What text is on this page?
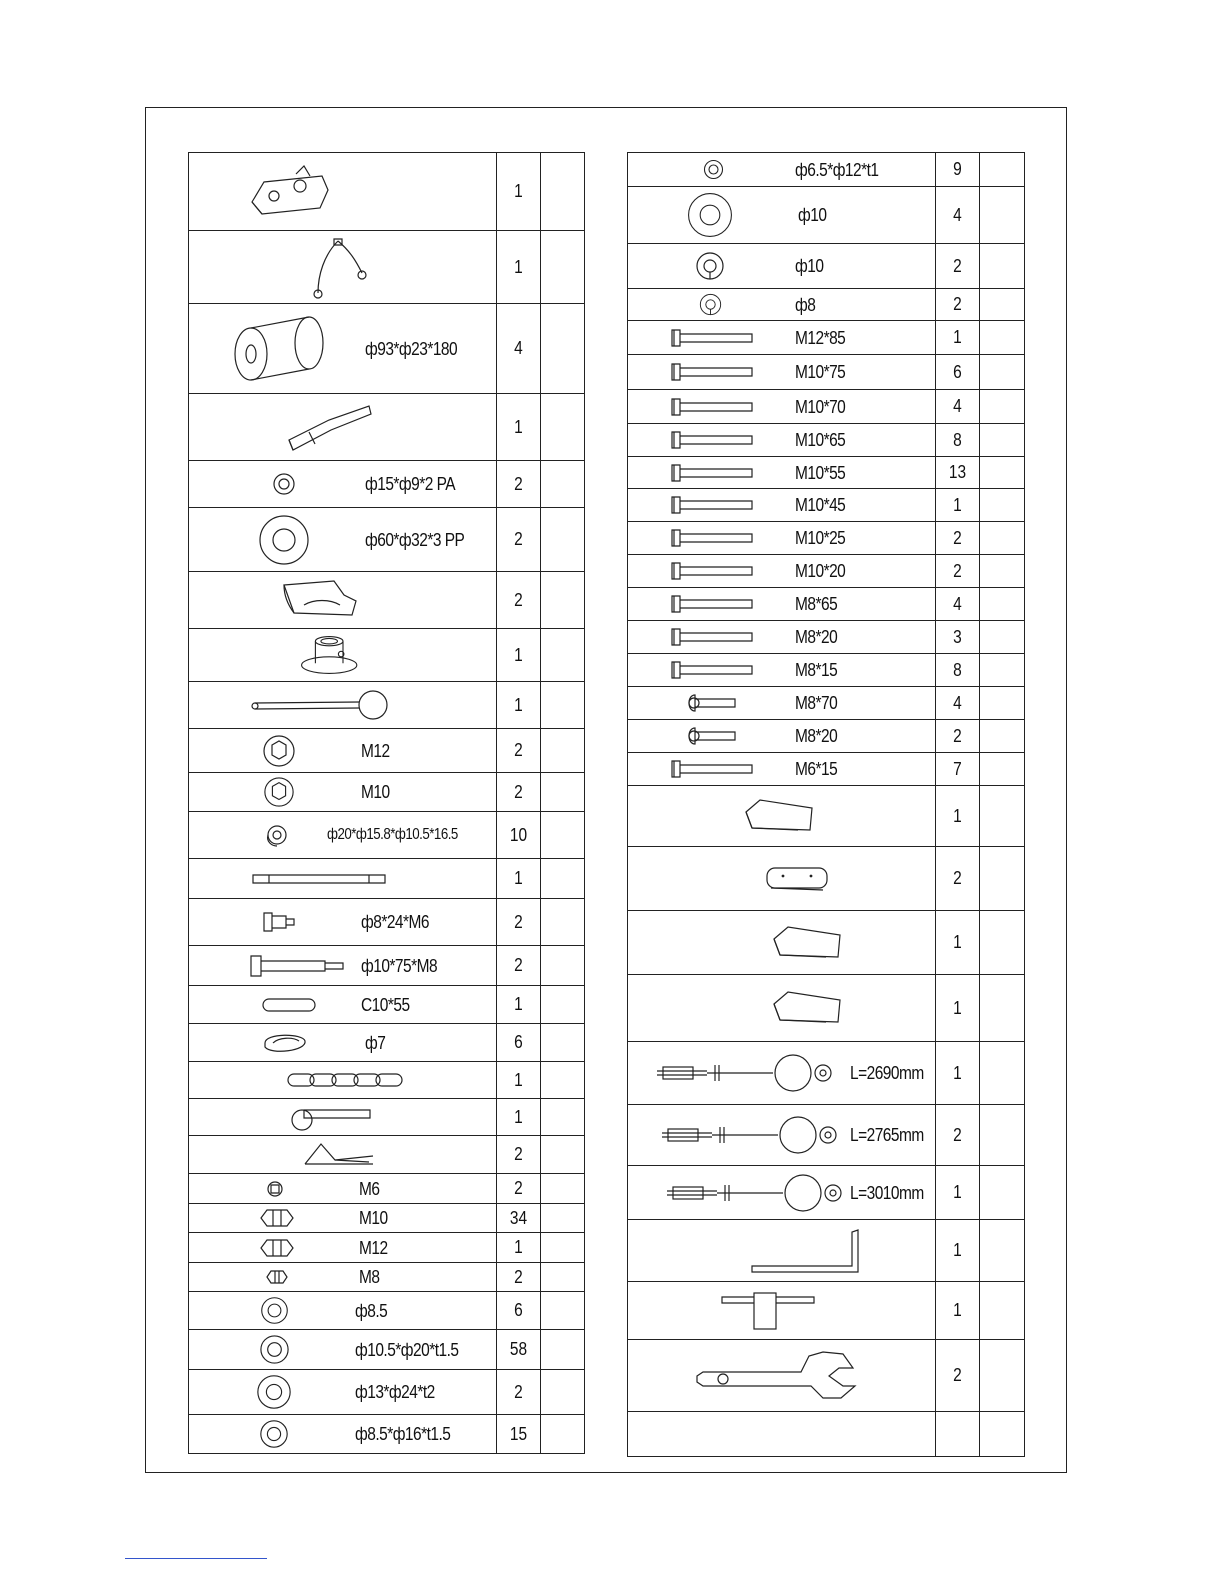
1	

1	

ф93*ф23*180	4	

1	

ф15*ф9*2 PA	2	

ф60*ф32*3 PP	2	

2	

1	

1	

M12	2	

M10	2	

ф20*ф15.8*ф10.5*16.5	10	

1	

ф8*24*M6	2	

ф10*75*M8	2	

C10*55	1	

ф7	6	

1	

1	

2	

M6	2	

M10	34	

M12	1	

M8	2	

ф8.5	6	

ф10.5*ф20*t1.5	58	

ф13*ф24*t2	2	

ф8.5*ф16*t1.5	15	

ф6.5*ф12*t1	9	

ф10	4	

ф10	2	

ф8	2	

M12*85	1	

M10*75	6	

M10*70	4	

M10*65	8	

M10*55	13	

M10*45	1	

M10*25	2	

M10*20	2	

M8*65	4	

M8*20	3	

M8*15	8	

M8*70	4	

M8*20	2	

M6*15	7	

1	

2	

1	

1	

L=2690mm	1	

L=2765mm	2	

L=3010mm	1	

1	

1	

2	
